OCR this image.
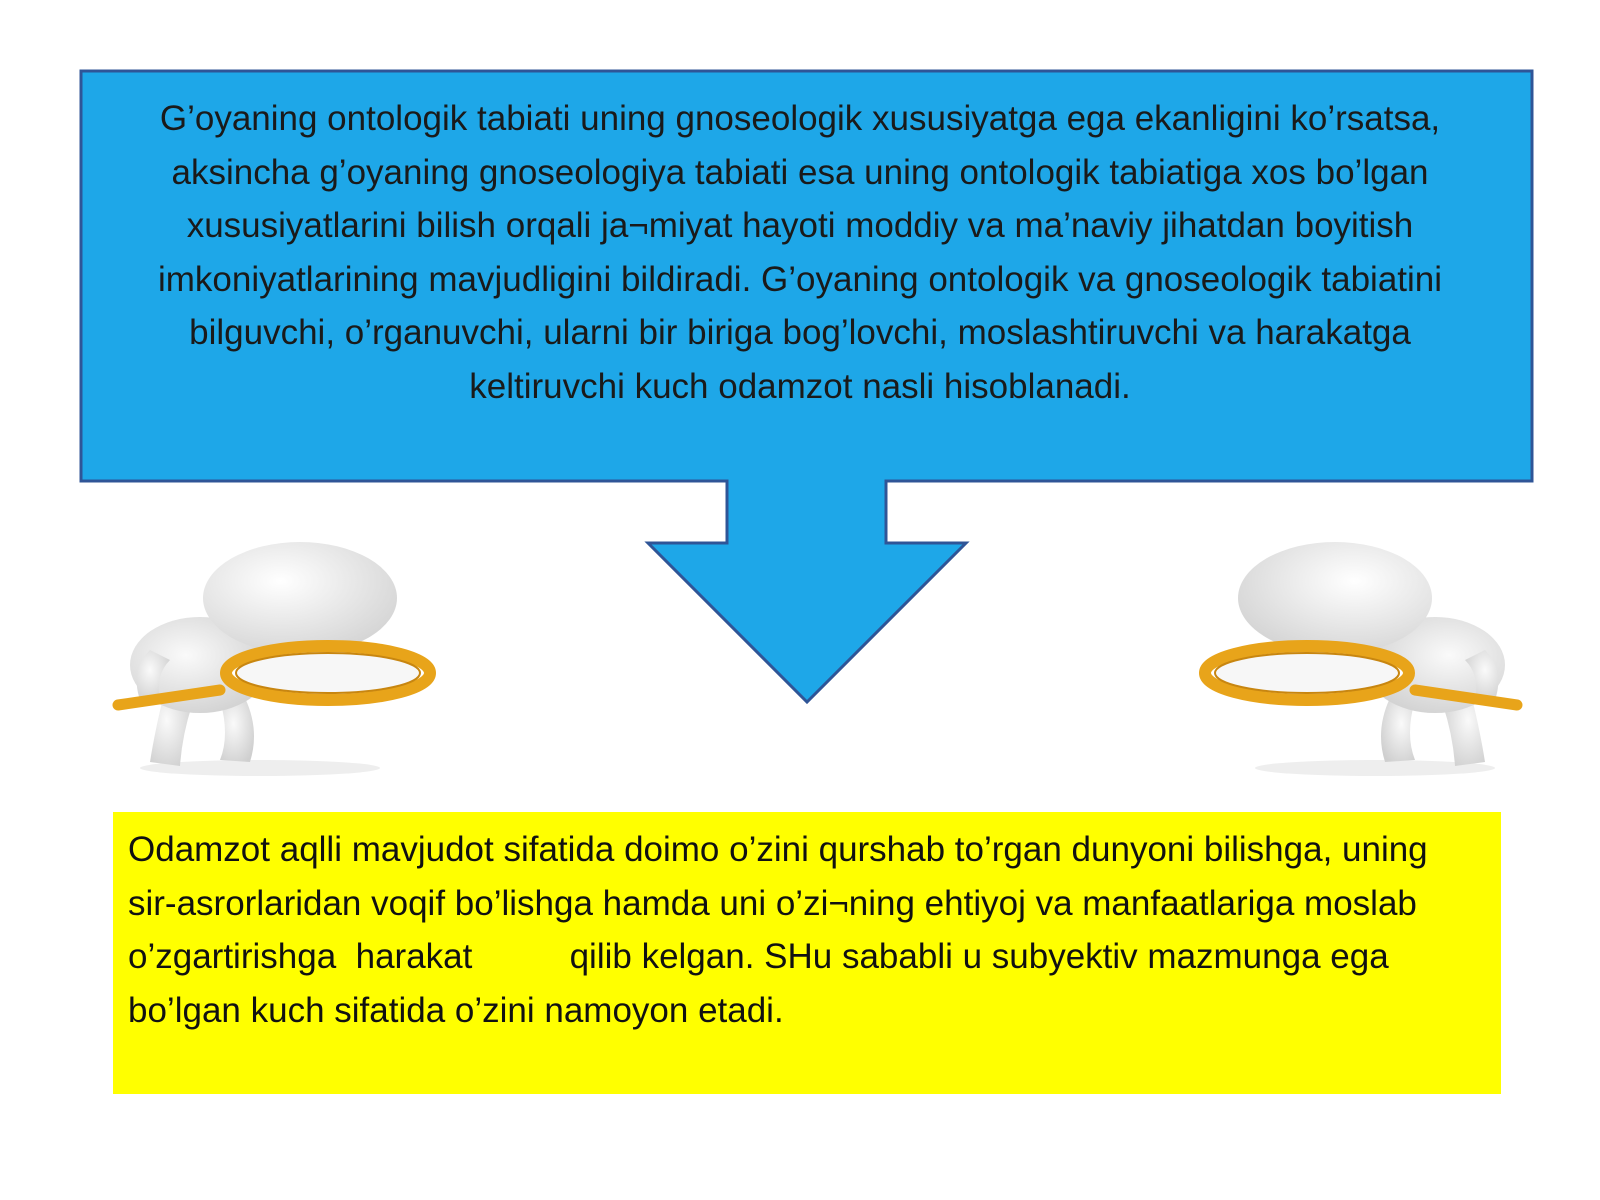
G’oyaning ontologik tabiati uning gnoseologik xususiyatga ega ekanligini ko’rsatsa, aksincha g’oyaning gnoseologiya tabiati esa uning ontologik tabiatiga xos bo’lgan xususiyatlarini bilish orqali ja¬miyat hayoti moddiy va ma’naviy jihatdan boyitish imkoniyatlarining mavjudligini bildiradi. G’oyaning ontologik va gnoseologik tabiatini bilguvchi, o’rganuvchi, ularni bir biriga bog’lovchi, moslashtiruvchi va harakatga keltiruvchi kuch odamzot nasli hisoblanadi.
Odamzot aqlli mavjudot sifatida doimo o’zini qurshab to’rgan dunyoni bilishga, uning sir-asrorlaridan voqif bo’lishga hamda uni o’zi¬ning ehtiyoj va manfaatlariga moslab o’zgartirishga  harakat          qilib kelgan. SHu sababli u subyektiv mazmunga ega bo’lgan kuch sifatida o’zini namoyon etadi.
